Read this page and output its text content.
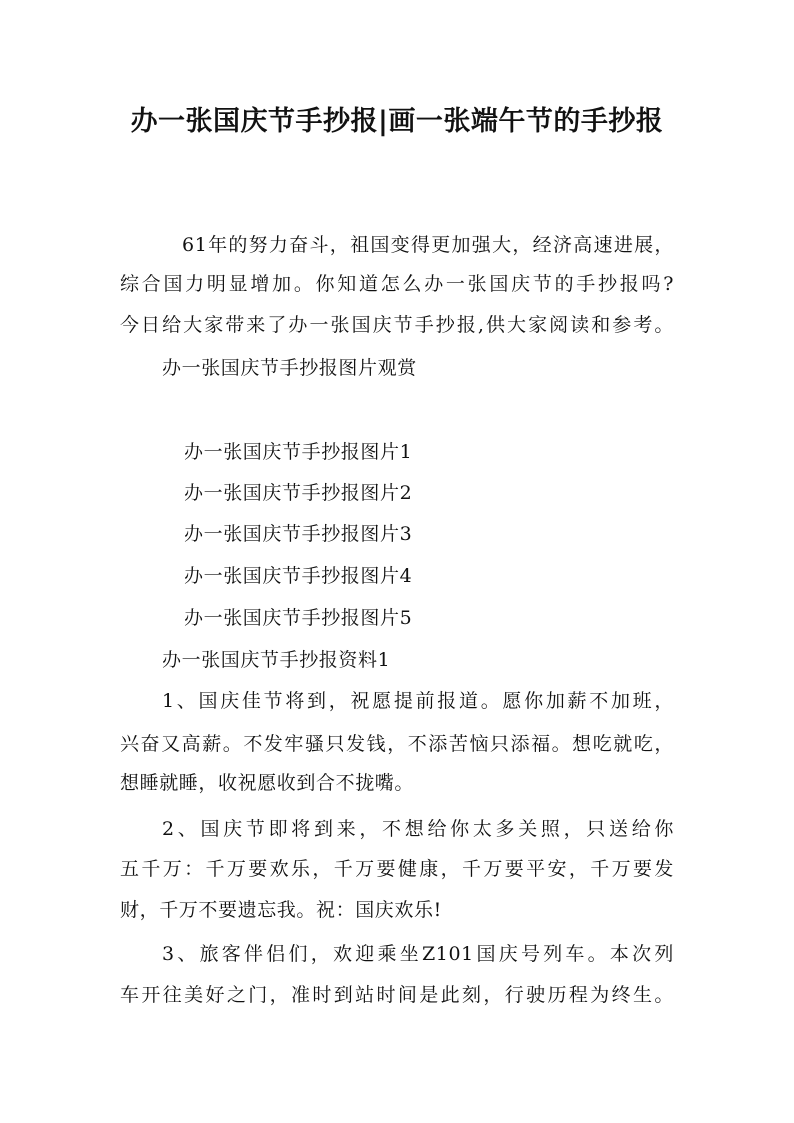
办一张国庆节手抄报|画一张端午节的手抄报
61年的努力奋斗，祖国变得更加强大，经济高速进展，
综合国力明显增加。你知道怎么办一张国庆节的手抄报吗?
今日给大家带来了办一张国庆节手抄报,供大家阅读和参考。
办一张国庆节手抄报图片观赏
办一张国庆节手抄报图片1
办一张国庆节手抄报图片2
办一张国庆节手抄报图片3
办一张国庆节手抄报图片4
办一张国庆节手抄报图片5
办一张国庆节手抄报资料1
1、国庆佳节将到，祝愿提前报道。愿你加薪不加班，
兴奋又高薪。不发牢骚只发钱，不添苦恼只添福。想吃就吃，
想睡就睡，收祝愿收到合不拢嘴。
2、国庆节即将到来，不想给你太多关照，只送给你
五千万：千万要欢乐，千万要健康，千万要平安，千万要发
财，千万不要遗忘我。祝：国庆欢乐!
3、旅客伴侣们，欢迎乘坐Z101国庆号列车。本次列
车开往美好之门，准时到站时间是此刻，行驶历程为终生。
